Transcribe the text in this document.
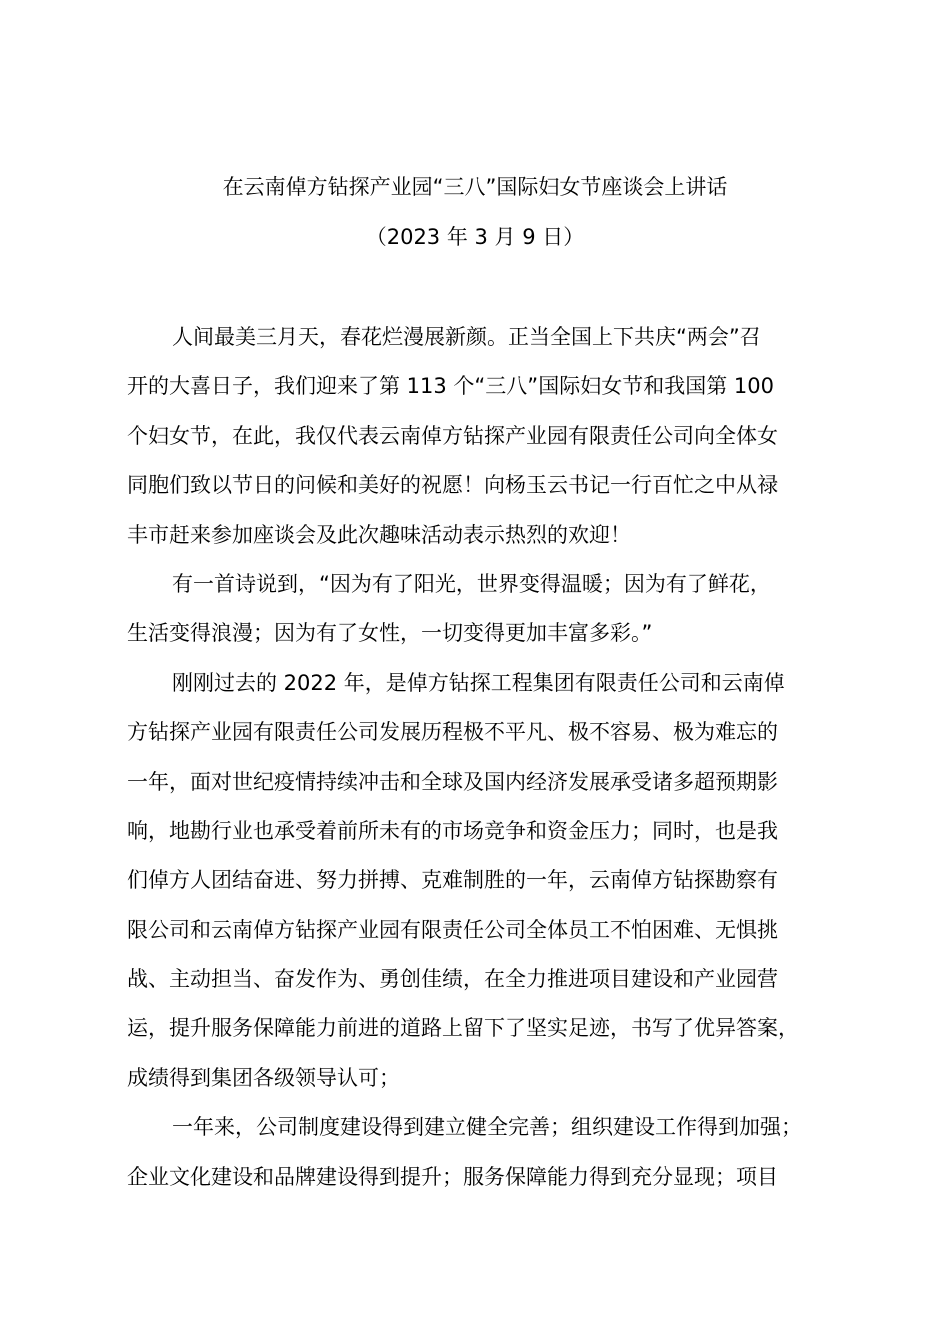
在云南倬方钻探产业园“三八”国际妇女节座谈会上讲话
（2023 年 3 月 9 日）
人间最美三月天，春花烂漫展新颜。正当全国上下共庆“两会”召
开的大喜日子，我们迎来了第 113 个“三八”国际妇女节和我国第 100
个妇女节，在此，我仅代表云南倬方钻探产业园有限责任公司向全体女
同胞们致以节日的问候和美好的祝愿！向杨玉云书记一行百忙之中从禄
丰市赶来参加座谈会及此次趣味活动表示热烈的欢迎！
有一首诗说到，“因为有了阳光，世界变得温暖；因为有了鲜花，
生活变得浪漫；因为有了女性，一切变得更加丰富多彩。”
刚刚过去的 2022 年，是倬方钻探工程集团有限责任公司和云南倬
方钻探产业园有限责任公司发展历程极不平凡、极不容易、极为难忘的
一年，面对世纪疫情持续冲击和全球及国内经济发展承受诸多超预期影
响，地勘行业也承受着前所未有的市场竞争和资金压力；同时，也是我
们倬方人团结奋进、努力拼搏、克难制胜的一年，云南倬方钻探勘察有
限公司和云南倬方钻探产业园有限责任公司全体员工不怕困难、无惧挑
战、主动担当、奋发作为、勇创佳绩，在全力推进项目建设和产业园营
运，提升服务保障能力前进的道路上留下了坚实足迹，书写了优异答案，
成绩得到集团各级领导认可；
一年来，公司制度建设得到建立健全完善；组织建设工作得到加强；
企业文化建设和品牌建设得到提升；服务保障能力得到充分显现；项目
